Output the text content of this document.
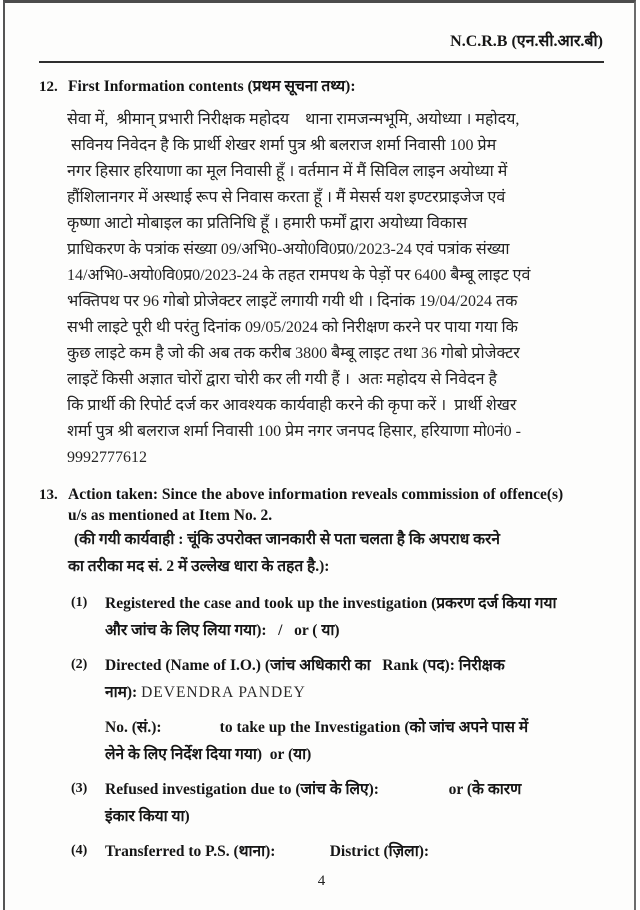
N.C.R.B (एन.सी.आर.बी)
12. First Information contents (प्रथम सूचना तथ्य):
सेवा में,  श्रीमान् प्रभारी निरीक्षक महोदय    थाना रामजन्मभूमि, अयोध्या । महोदय,
सविनय निवेदन है कि प्रार्थी शेखर शर्मा पुत्र श्री बलराज शर्मा निवासी 100 प्रेम
नगर हिसार हरियाणा का मूल निवासी हूँ । वर्तमान में मैं सिविल लाइन अयोध्या में
हौंशिलानगर में अस्थाई रूप से निवास करता हूँ । मैं मेसर्स यश इण्टरप्राइजेज एवं
कृष्णा आटो मोबाइल का प्रतिनिधि हूँ । हमारी फर्मों द्वारा अयोध्या विकास
प्राधिकरण के पत्रांक संख्या 09/अभि0-अयो0वि0प्र0/2023-24 एवं पत्रांक संख्या
14/अभि0-अयो0वि0प्र0/2023-24 के तहत रामपथ के पेड़ों पर 6400 बैम्बू लाइट एवं
भक्तिपथ पर 96 गोबो प्रोजेक्टर लाइटें लगायी गयी थी । दिनांक 19/04/2024 तक
सभी लाइटे पूरी थी परंतु दिनांक 09/05/2024 को निरीक्षण करने पर पाया गया कि
कुछ लाइटे कम है जो की अब तक करीब 3800 बैम्बू लाइट तथा 36 गोबो प्रोजेक्टर
लाइटें किसी अज्ञात चोरों द्वारा चोरी कर ली गयी हैं ।  अतः महोदय से निवेदन है
कि प्रार्थी की रिपोर्ट दर्ज कर आवश्यक कार्यवाही करने की कृपा करें ।  प्रार्थी शेखर
शर्मा पुत्र श्री बलराज शर्मा निवासी 100 प्रेम नगर जनपद हिसार, हरियाणा मो0नं0 -
9992777612
13. Action taken: Since the above information reveals commission of offence(s)
u/s as mentioned at Item No. 2.
(की गयी कार्यवाही : चूंकि उपरोक्त जानकारी से पता चलता है कि अपराध करने
का तरीका मद सं. 2 में उल्लेख धारा के तहत है.):
(1)	Registered the case and took up the investigation (प्रकरण दर्ज किया गया
और जांच के लिए लिया गया):   /   or ( या)
(2)	Directed (Name of I.O.) (जांच अधिकारी का   Rank (पद): निरीक्षक
नाम): DEVENDRA PANDEY
No. (सं.):               to take up the Investigation (को जांच अपने पास में
लेने के लिए निर्देश दिया गया)  or (या)
(3)	Refused investigation due to (जांच के लिए):                  or (के कारण
इंकार किया या)
(4)	Transferred to P.S. (थाना):              District (ज़िला):
4
